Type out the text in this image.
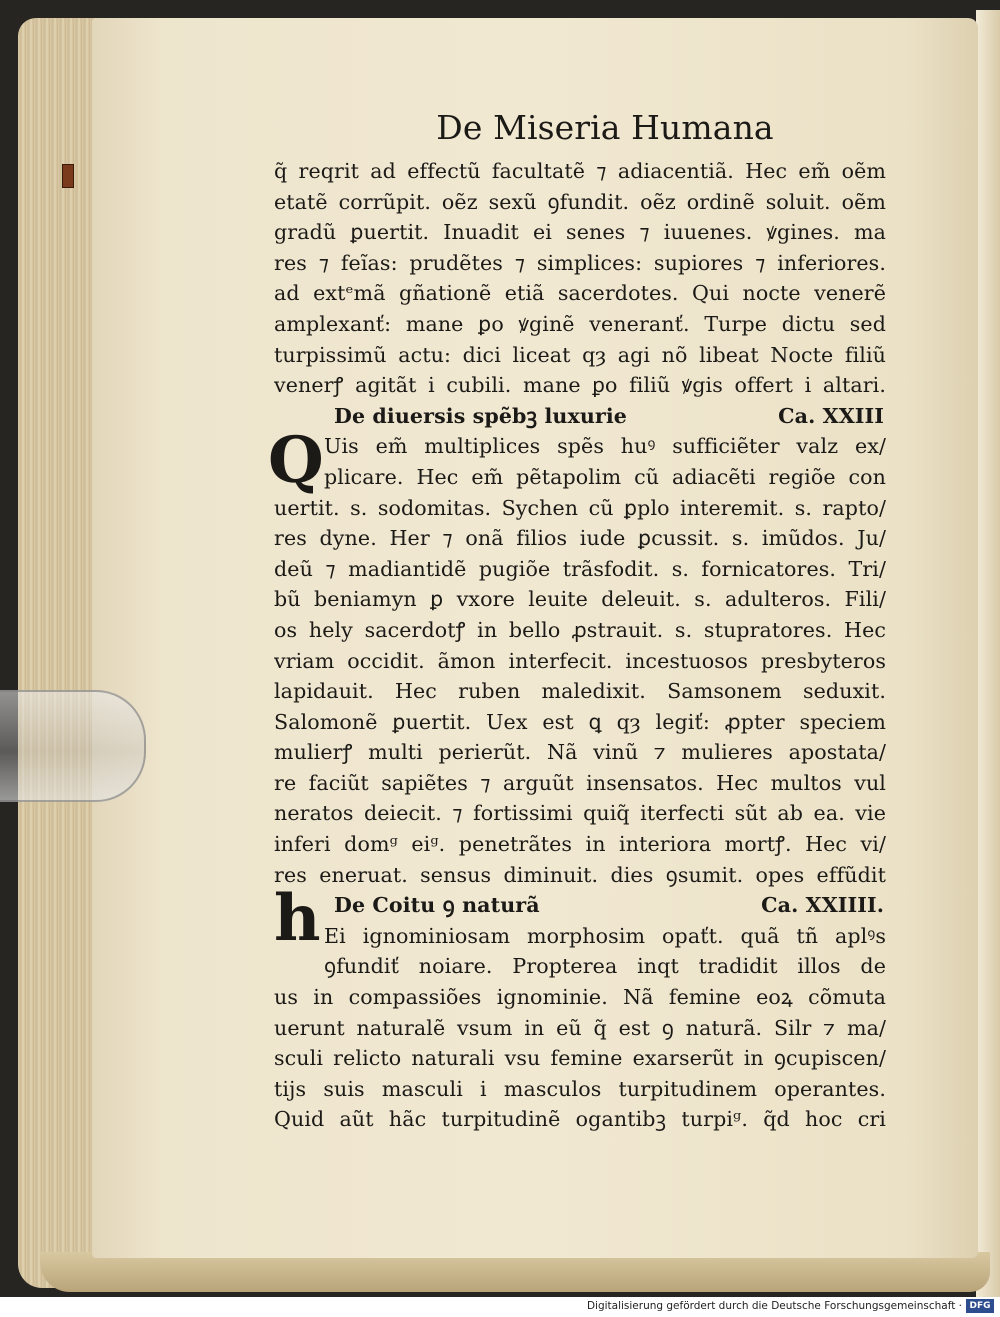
De Miseria Humana
q̃ reqrit ad effectũ facultatẽ ⁊ adiacentiã. Hec em̃ oẽm
etatẽ corrũpit. oẽz sexũ ꝯfundit. oẽz ordinẽ soluit. oẽm
gradũ ꝑuertit. Inuadit ei senes ⁊ iuuenes. ꝟgines. ma
res ⁊ feĩas: prudẽtes ⁊ simplices: supiores ⁊ inferiores.
ad extᵉmã gñationẽ etiã sacerdotes. Qui nocte venerẽ
amplexanť: mane ꝑo ꝟginẽ veneranť. Turpe dictu sed
turpissimũ actu: dici liceat qȝ agi nõ libeat Nocte filiũ
venerꝭ agitãt i cubili. mane ꝑo filiũ ꝟgis offert i altari.
De diuersis spẽbꝫ luxurie	Ca. XXIII
Q Uis em̃ multiplices spẽs huꝰ sufficiẽter valz ex/
plicare. Hec em̃ pẽtapolim cũ adiacẽti regiõe con
uertit. s. sodomitas. Sychen cũ ꝑplo interemit. s. rapto/
res dyne. Her ⁊ onã filios iude ꝑcussit. s. imũdos. Ju/
deũ ⁊ madiantidẽ pugiõe trãsfodit. s. fornicatores. Tri/
bũ beniamyn ꝑ vxore leuite deleuit. s. adulteros. Fili/
os hely sacerdotꝭ in bello ꝓstrauit. s. stupratores. Hec
vriam occidit. ãmon interfecit. incestuosos presbyteros
lapidauit. Hec ruben maledixit. Samsonem seduxit.
Salomonẽ ꝑuertit. Uex est ꝗ qȝ legiť: ꝓpter speciem
mulierꝭ multi perierũt. Nã vinũ ⁊ mulieres apostata/
re faciũt sapiẽtes ⁊ arguũt insensatos. Hec multos vul
neratos deiecit. ⁊ fortissimi quiq̃ iterfecti sũt ab ea. vie
inferi domᵍ eiᵍ. penetrãtes in interiora mortꝭ. Hec vi/
res eneruat. sensus diminuit. dies ꝯsumit. opes effũdit
De Coitu ꝯ naturã	Ca. XXIIII.
h Ei ignominiosam morphosim opaťt. quã tñ aplꝰs
ꝯfundiť noiare. Propterea inqt tradidit illos de
us in compassiões ignominie. Nã femine eoꝝ cõmuta
uerunt naturalẽ vsum in eũ q̃ est ꝯ naturã. Silr ⁊ ma/
sculi relicto naturali vsu femine exarserũt in ꝯcupiscen/
tijs suis masculi i masculos turpitudinem operantes.
Quid aũt hãc turpitudinẽ ogantibꝫ turpiᵍ. q̃d hoc cri
Digitalisierung gefördert durch die Deutsche Forschungsgemeinschaft · DFG
